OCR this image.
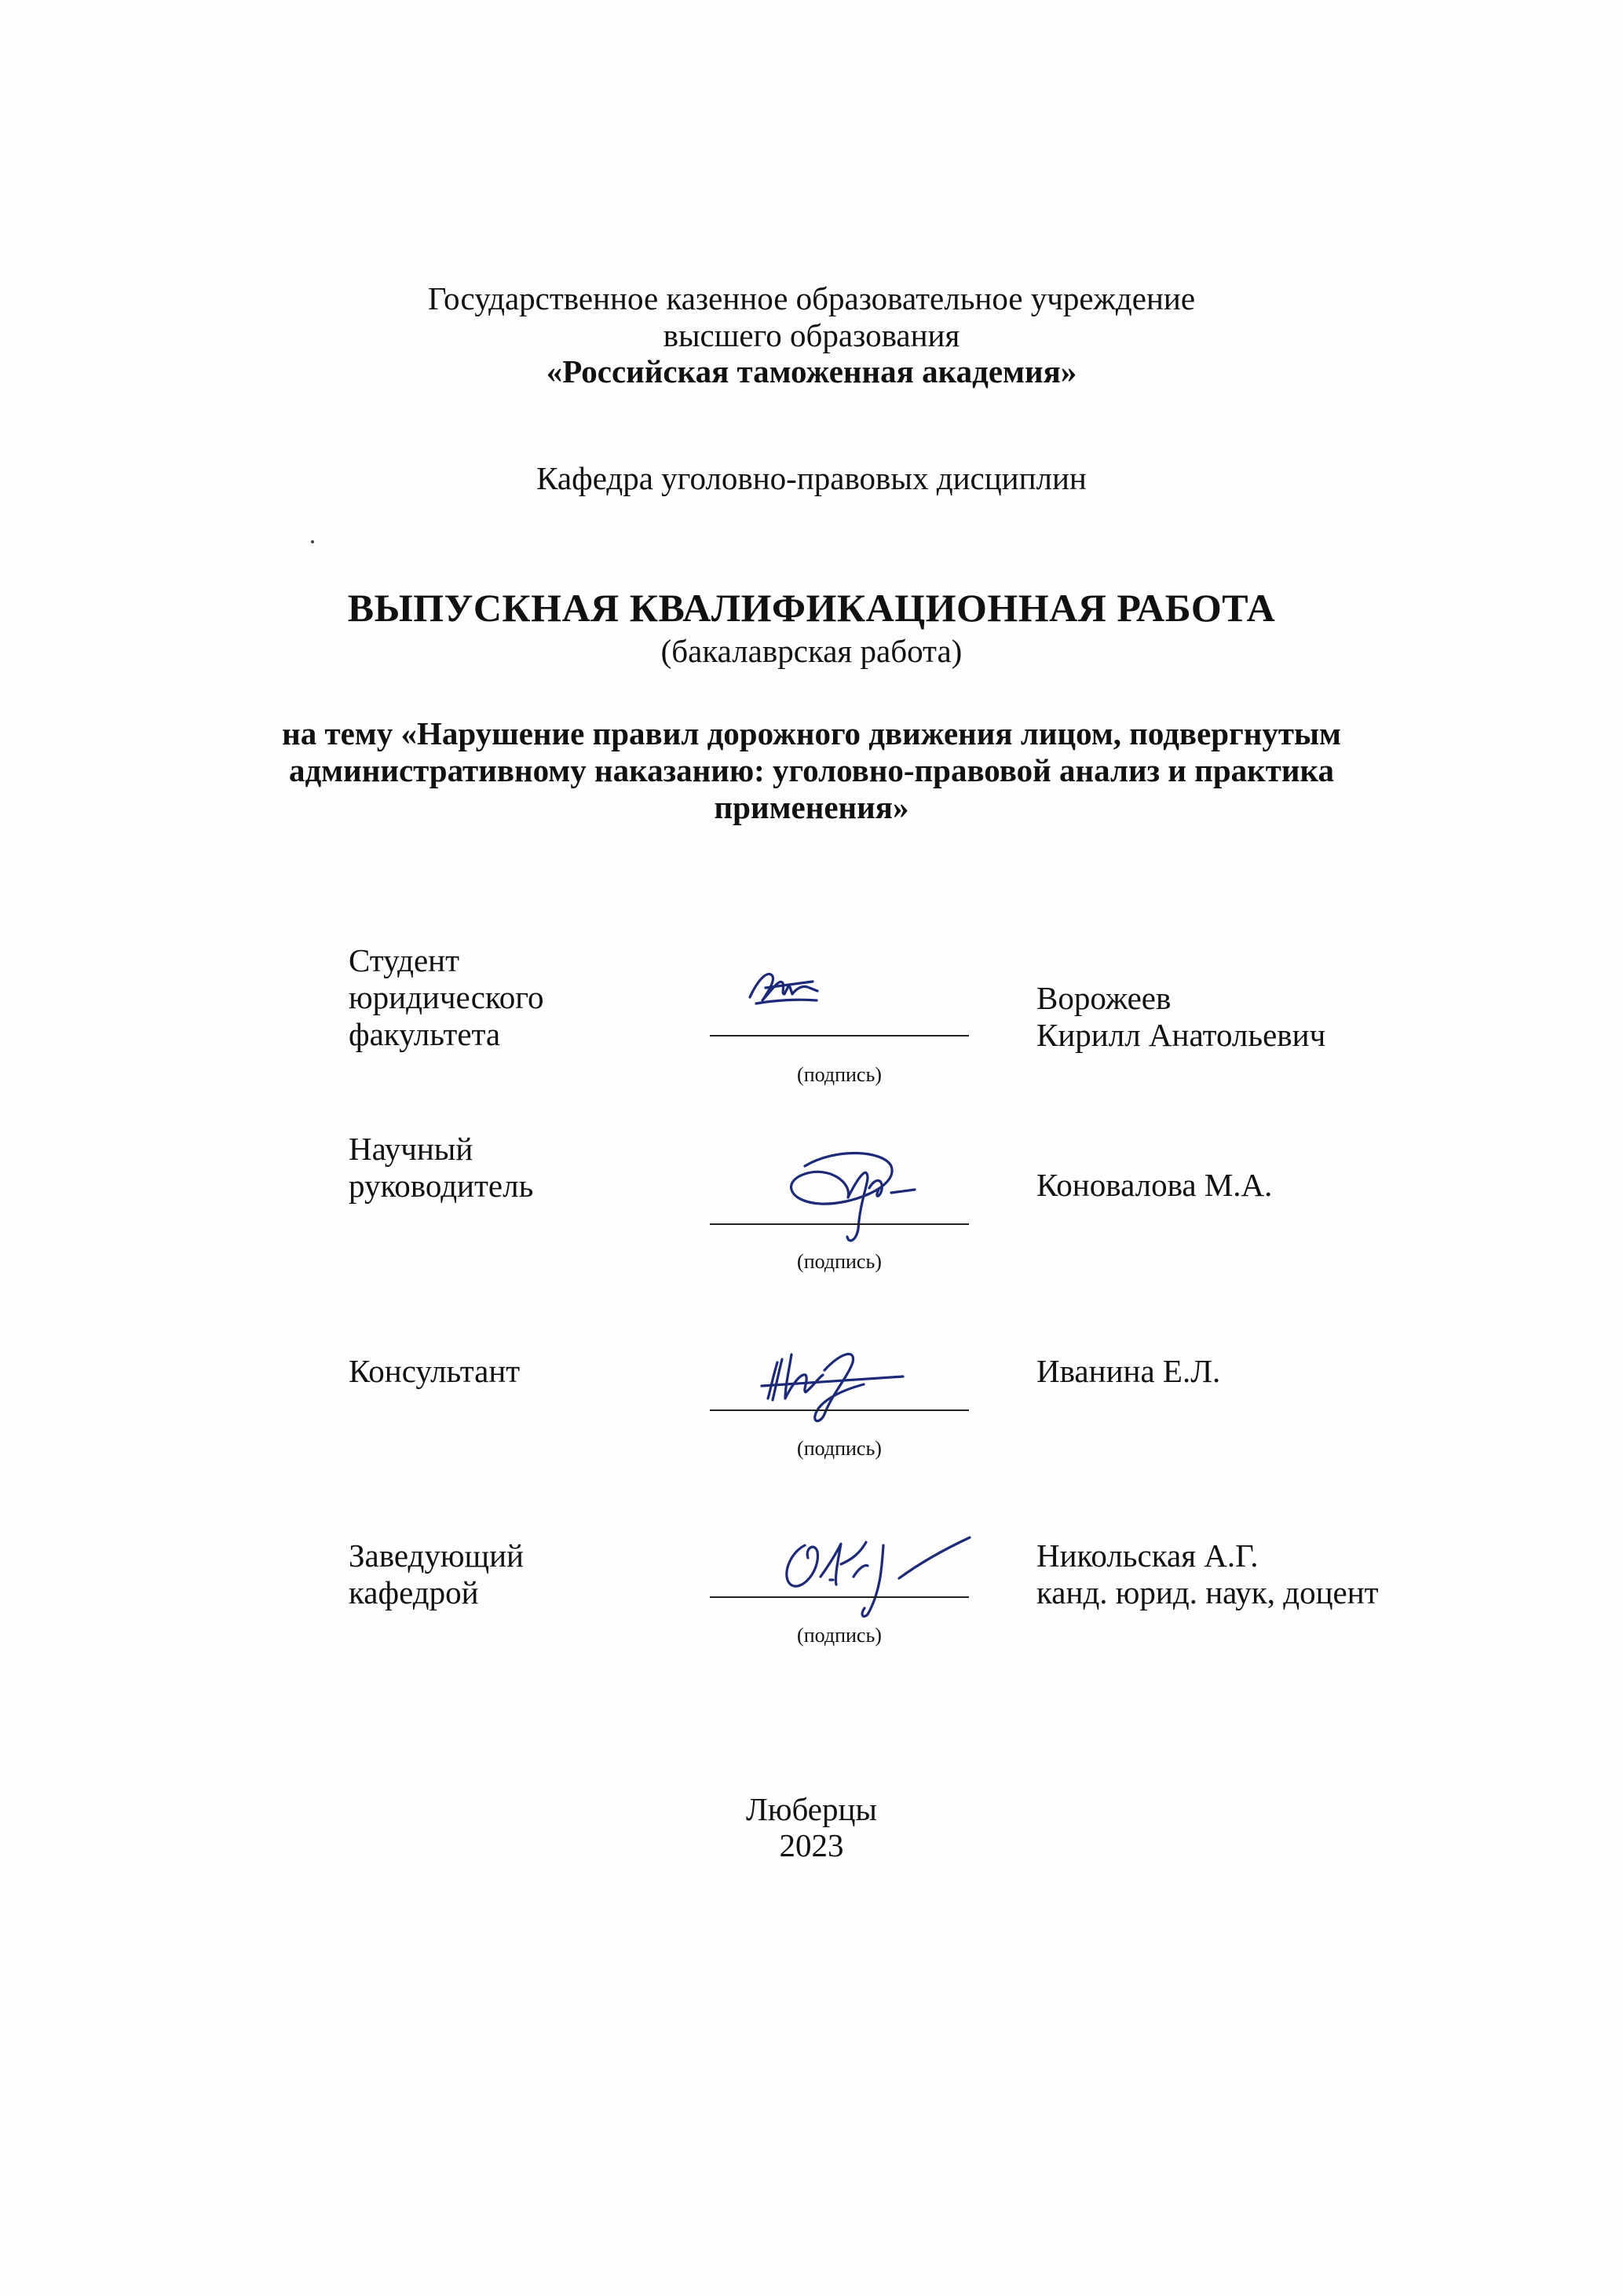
Государственное казенное образовательное учреждение
высшего образования
«Российская таможенная академия»
Кафедра уголовно-правовых дисциплин
ВЫПУСКНАЯ КВАЛИФИКАЦИОННАЯ РАБОТА
(бакалаврская работа)
на тему «Нарушение правил дорожного движения лицом, подвергнутым
административному наказанию: уголовно-правовой анализ и практика
применения»
Студент
юридического
факультета
(подпись)
Ворожеев
Кирилл Анатольевич
Научный
руководитель
(подпись)
Коновалова М.А.
Консультант
(подпись)
Иванина Е.Л.
Заведующий
кафедрой
(подпись)
Никольская А.Г.
канд. юрид. наук, доцент
Люберцы
2023
